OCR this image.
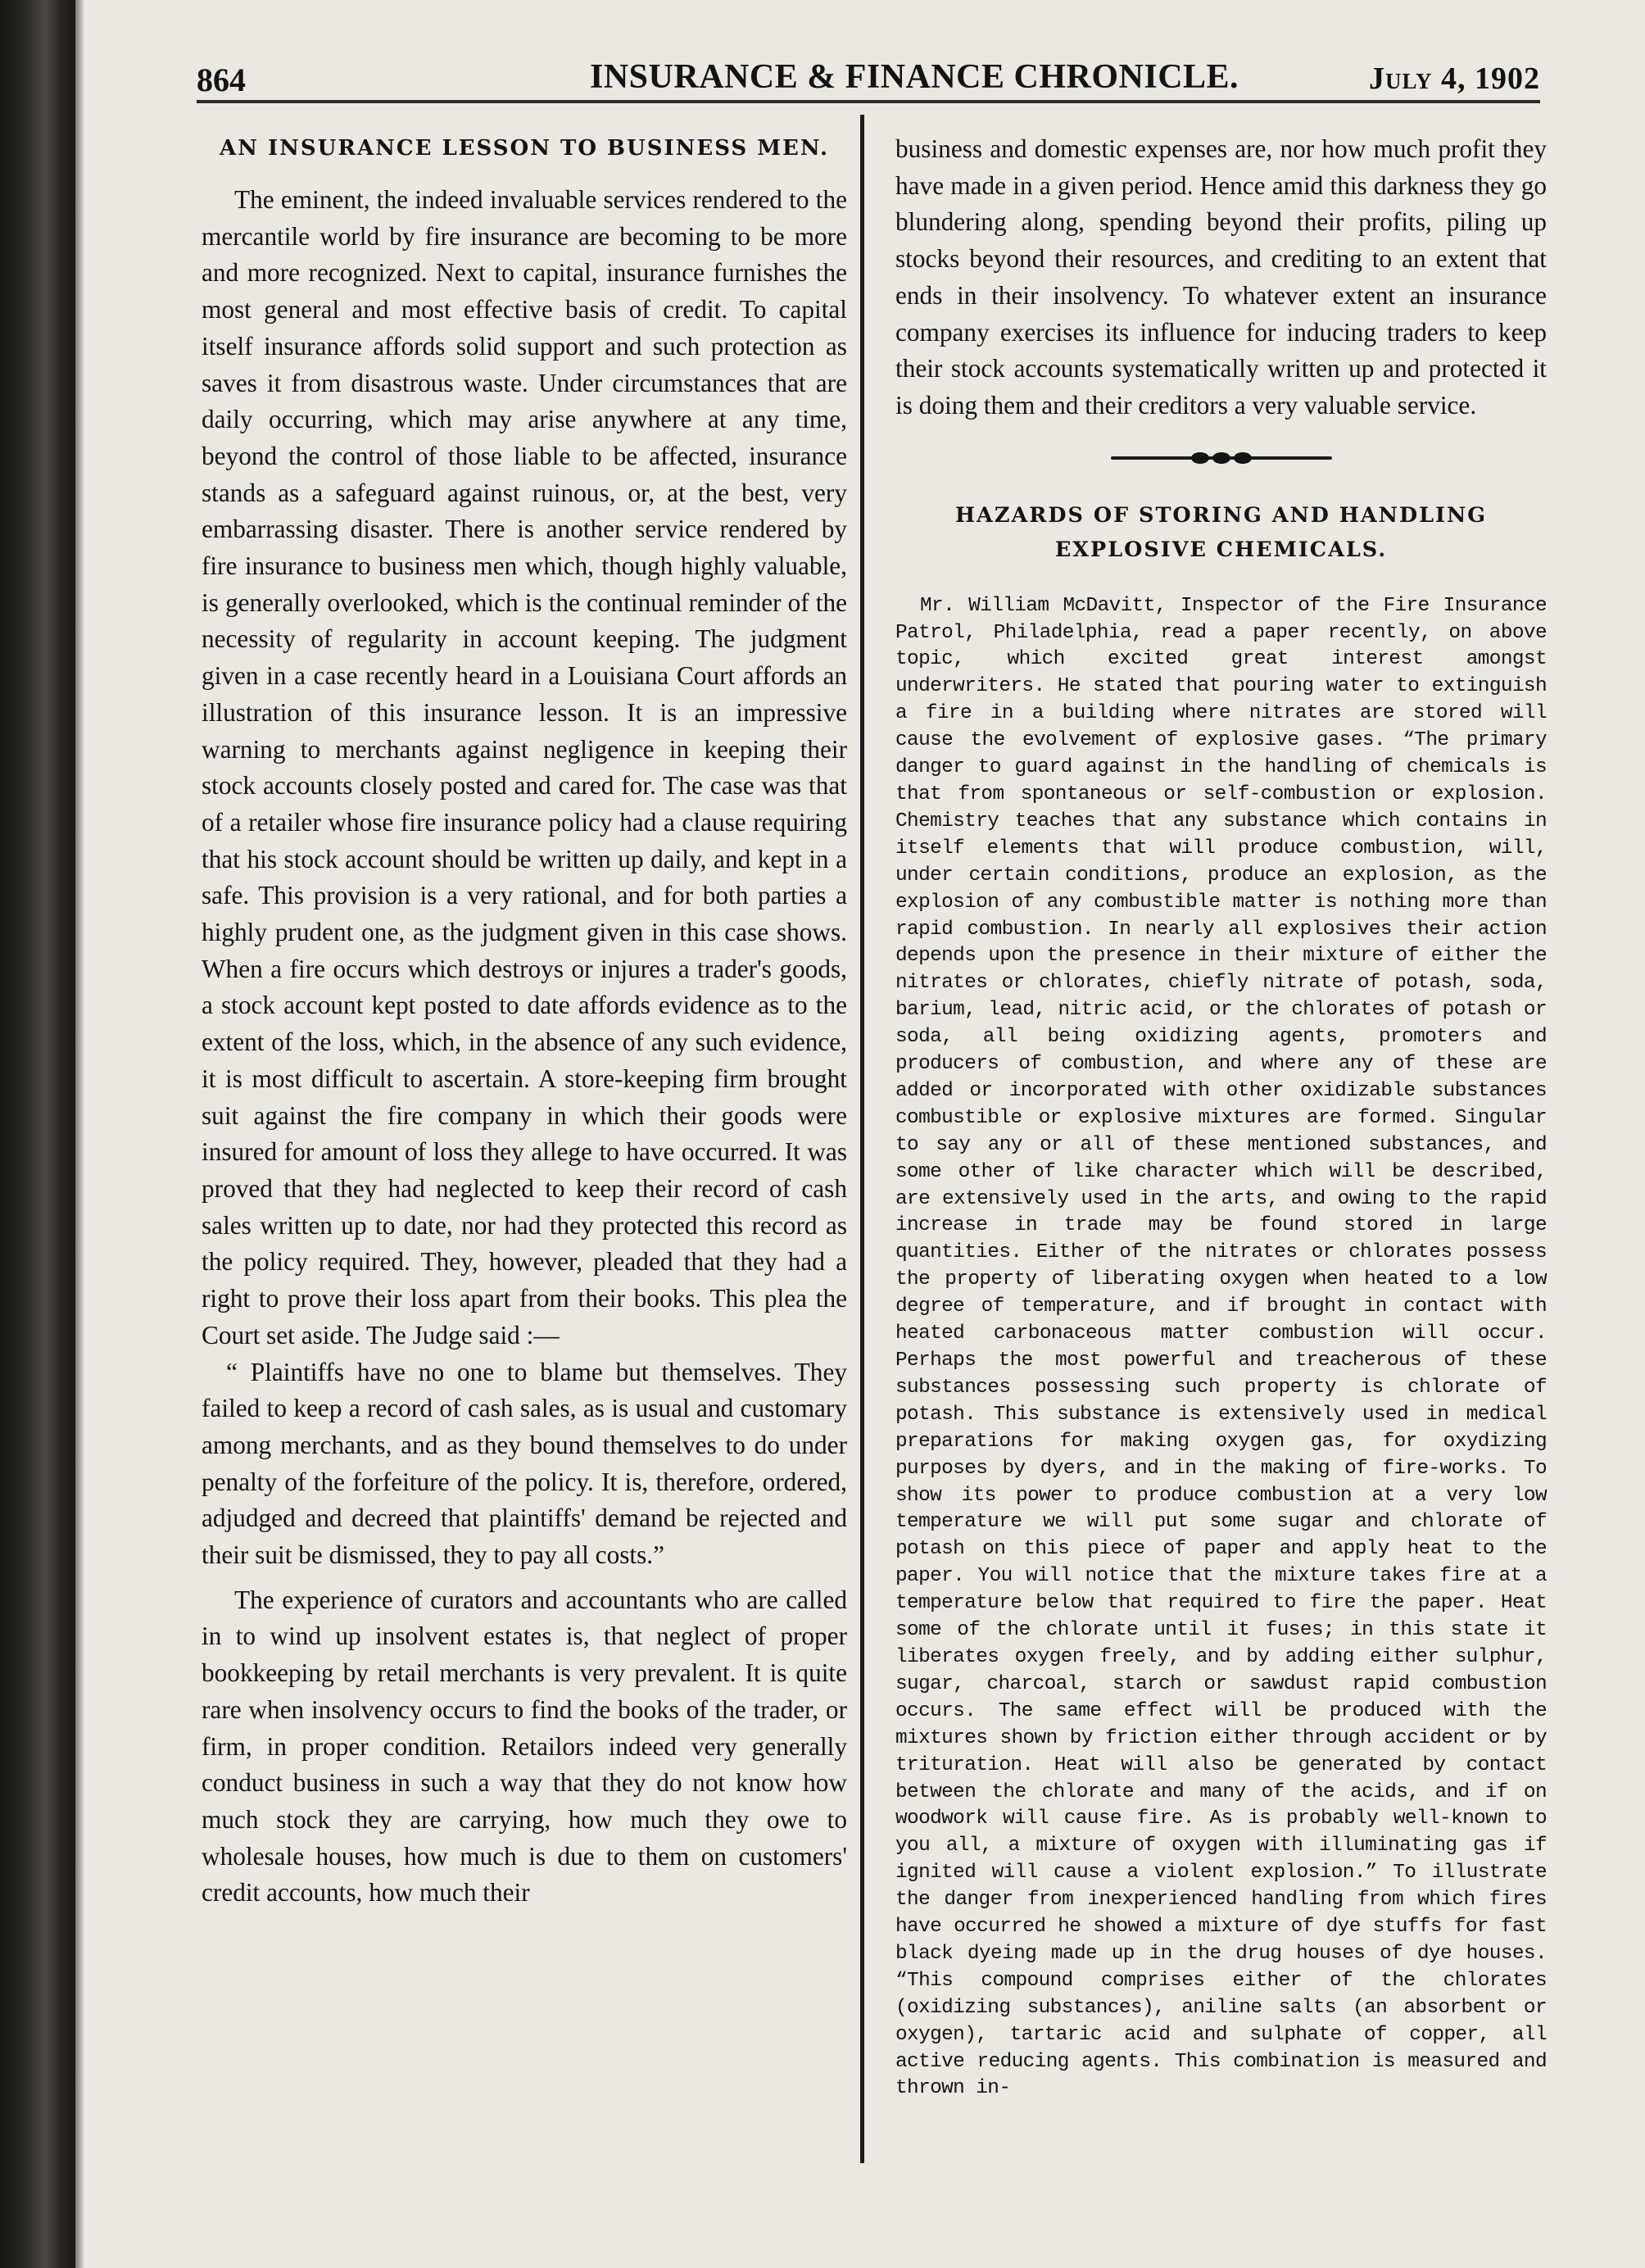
864	INSURANCE & FINANCE CHRONICLE.	July 4, 1902
AN INSURANCE LESSON TO BUSINESS MEN.

The eminent, the indeed invaluable services rendered to the mercantile world by fire insurance are becoming to be more and more recognized. Next to capital, insurance furnishes the most general and most effective basis of credit. To capital itself insurance affords solid support and such protection as saves it from disastrous waste. Under circumstances that are daily occurring, which may arise anywhere at any time, beyond the control of those liable to be affected, insurance stands as a safeguard against ruinous, or, at the best, very embarrassing disaster. There is another service rendered by fire insurance to business men which, though highly valuable, is generally overlooked, which is the continual reminder of the necessity of regularity in account keeping. The judgment given in a case recently heard in a Louisiana Court affords an illustration of this insurance lesson. It is an impressive warning to merchants against negligence in keeping their stock accounts closely posted and cared for. The case was that of a retailer whose fire insurance policy had a clause requiring that his stock account should be written up daily, and kept in a safe. This provision is a very rational, and for both parties a highly prudent one, as the judgment given in this case shows. When a fire occurs which destroys or injures a trader's goods, a stock account kept posted to date affords evidence as to the extent of the loss, which, in the absence of any such evidence, it is most difficult to ascertain. A store-keeping firm brought suit against the fire company in which their goods were insured for amount of loss they allege to have occurred. It was proved that they had neglected to keep their record of cash sales written up to date, nor had they protected this record as the policy required. They, however, pleaded that they had a right to prove their loss apart from their books. This plea the Court set aside. The Judge said :—

“ Plaintiffs have no one to blame but themselves. They failed to keep a record of cash sales, as is usual and customary among merchants, and as they bound themselves to do under penalty of the forfeiture of the policy. It is, therefore, ordered, adjudged and decreed that plaintiffs' demand be rejected and their suit be dismissed, they to pay all costs.”

The experience of curators and accountants who are called in to wind up insolvent estates is, that neglect of proper bookkeeping by retail merchants is very prevalent. It is quite rare when insolvency occurs to find the books of the trader, or firm, in proper condition. Retailors indeed very generally conduct business in such a way that they do not know how much stock they are carrying, how much they owe to wholesale houses, how much is due to them on customers' credit accounts, how much their

business and domestic expenses are, nor how much profit they have made in a given period. Hence amid this darkness they go blundering along, spending beyond their profits, piling up stocks beyond their resources, and crediting to an extent that ends in their insolvency. To whatever extent an insurance company exercises its influence for inducing traders to keep their stock accounts systematically written up and protected it is doing them and their creditors a very valuable service.

HAZARDS OF STORING AND HANDLING
EXPLOSIVE CHEMICALS.

Mr. William McDavitt, Inspector of the Fire Insurance Patrol, Philadelphia, read a paper recently, on above topic, which excited great interest amongst underwriters. He stated that pouring water to extinguish a fire in a building where nitrates are stored will cause the evolvement of explosive gases. “The primary danger to guard against in the handling of chemicals is that from spontaneous or self-combustion or explosion. Chemistry teaches that any substance which contains in itself elements that will produce combustion, will, under certain conditions, produce an explosion, as the explosion of any combustible matter is nothing more than rapid combustion. In nearly all explosives their action depends upon the presence in their mixture of either the nitrates or chlorates, chiefly nitrate of potash, soda, barium, lead, nitric acid, or the chlorates of potash or soda, all being oxidizing agents, promoters and producers of combustion, and where any of these are added or incorporated with other oxidizable substances combustible or explosive mixtures are formed. Singular to say any or all of these mentioned substances, and some other of like character which will be described, are extensively used in the arts, and owing to the rapid increase in trade may be found stored in large quantities. Either of the nitrates or chlorates possess the property of liberating oxygen when heated to a low degree of temperature, and if brought in contact with heated carbonaceous matter combustion will occur. Perhaps the most powerful and treacherous of these substances possessing such property is chlorate of potash. This substance is extensively used in medical preparations for making oxygen gas, for oxydizing purposes by dyers, and in the making of fire-works. To show its power to produce combustion at a very low temperature we will put some sugar and chlorate of potash on this piece of paper and apply heat to the paper. You will notice that the mixture takes fire at a temperature below that required to fire the paper. Heat some of the chlorate until it fuses; in this state it liberates oxygen freely, and by adding either sulphur, sugar, charcoal, starch or sawdust rapid combustion occurs. The same effect will be produced with the mixtures shown by friction either through accident or by trituration. Heat will also be generated by contact between the chlorate and many of the acids, and if on woodwork will cause fire. As is probably well-known to you all, a mixture of oxygen with illuminating gas if ignited will cause a violent explosion.” To illustrate the danger from inexperienced handling from which fires have occurred he showed a mixture of dye stuffs for fast black dyeing made up in the drug houses of dye houses. “This compound comprises either of the chlorates (oxidizing substances), aniline salts (an absorbent or oxygen), tartaric acid and sulphate of copper, all active reducing agents. This combination is measured and thrown in-
